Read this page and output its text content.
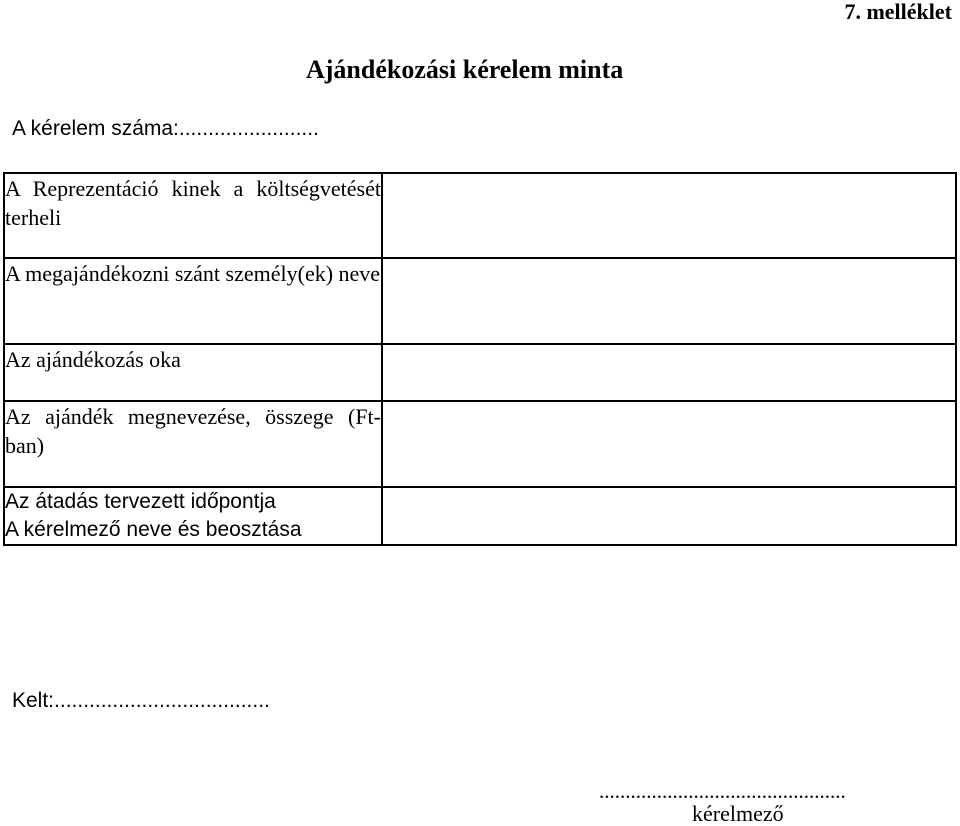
7. melléklet
Ajándékozási kérelem minta
A kérelem száma:........................
A Reprezentáció kinek a költségvetését terheli	

A megajándékozni szánt személy(ek) neve	

Az ajándékozás oka	

Az ajándék megnevezése, összege (Ft-ban)	

Az átadás tervezett időpontja
A kérelmező neve és beosztása	

Kelt:.....................................
...............................................
kérelmező
